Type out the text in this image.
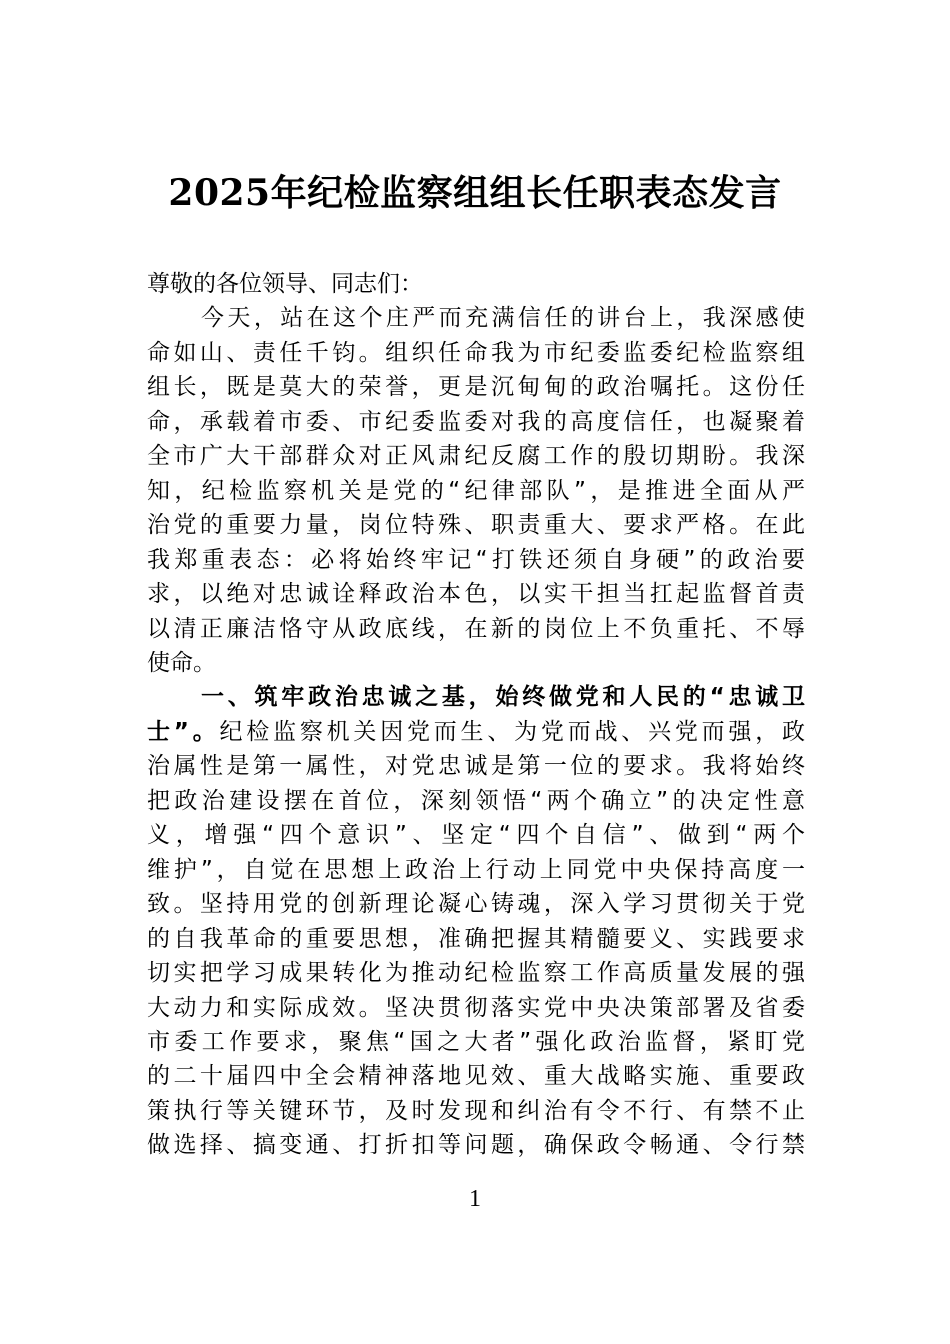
2025年纪检监察组组长任职表态发言
尊敬的各位领导、同志们：
今天，站在这个庄严而充满信任的讲台上，我深感使
命如山、责任千钧。组织任命我为市纪委监委纪检监察组
组长，既是莫大的荣誉，更是沉甸甸的政治嘱托。这份任
命，承载着市委、市纪委监委对我的高度信任，也凝聚着
全市广大干部群众对正风肃纪反腐工作的殷切期盼。我深
知，纪检监察机关是党的“纪律部队”，是推进全面从严
治党的重要力量，岗位特殊、职责重大、要求严格。在此
我郑重表态：必将始终牢记“打铁还须自身硬”的政治要
求，以绝对忠诚诠释政治本色，以实干担当扛起监督首责
以清正廉洁恪守从政底线，在新的岗位上不负重托、不辱
使命。
一、筑牢政治忠诚之基，始终做党和人民的“忠诚卫
士”。纪检监察机关因党而生、为党而战、兴党而强，政
治属性是第一属性，对党忠诚是第一位的要求。我将始终
把政治建设摆在首位，深刻领悟“两个确立”的决定性意
义，增强“四个意识”、坚定“四个自信”、做到“两个
维护”，自觉在思想上政治上行动上同党中央保持高度一
致。坚持用党的创新理论凝心铸魂，深入学习贯彻关于党
的自我革命的重要思想，准确把握其精髓要义、实践要求
切实把学习成果转化为推动纪检监察工作高质量发展的强
大动力和实际成效。坚决贯彻落实党中央决策部署及省委
市委工作要求，聚焦“国之大者”强化政治监督，紧盯党
的二十届四中全会精神落地见效、重大战略实施、重要政
策执行等关键环节，及时发现和纠治有令不行、有禁不止
做选择、搞变通、打折扣等问题，确保政令畅通、令行禁
1
